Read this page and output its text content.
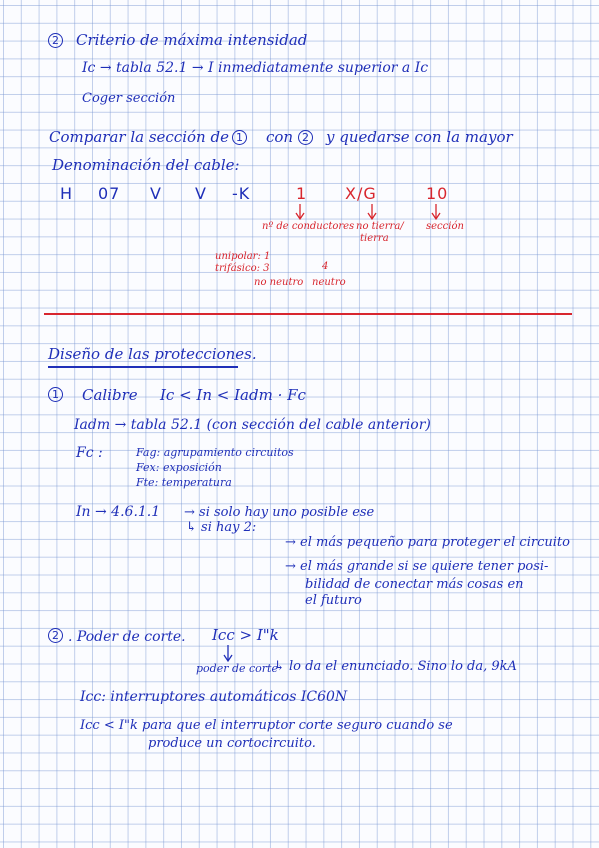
2 Criterio de máxima intensidad
Ic → tabla 52.1 → I inmediatamente superior a Ic
Coger sección
Comparar la sección de 1 con 2 y quedarse con la mayor
Denominación del cable:
H 07 V V -K	1 X/G	10
nº de conductores no tierra/
tierra
sección
unipolar: 1
trifásico: 3	4
no neutro neutro
Diseño de las protecciones.
1 Calibre Ic < In < Iadm · Fc
Iadm → tabla 52.1 (con sección del cable anterior)
Fc :	Fag: agrupamiento circuitos
Fex: exposición
Fte: temperatura
In → 4.6.1.1 → si solo hay uno posible ese
↳ si hay 2:
→ el más pequeño para proteger el circuito
→ el más grande si se quiere tener posi-
bilidad de conectar más cosas en
el futuro
2 . Poder de corte. Icc > I"k
poder de corte
↳ lo da el enunciado. Sino lo da, 9kA
Icc: interruptores automáticos IC60N
Icc < I"k para que el interruptor corte seguro cuando se
produce un cortocircuito.
